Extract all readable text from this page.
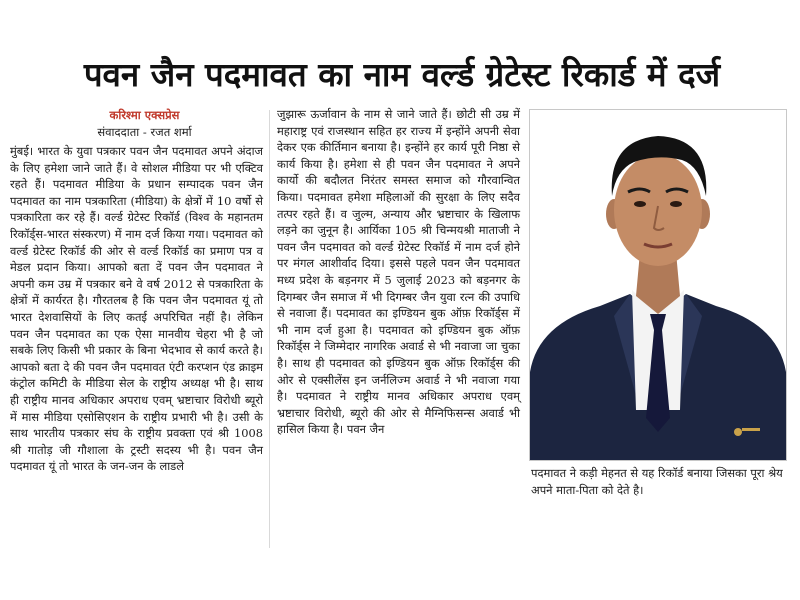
पवन जैन पदमावत का नाम वर्ल्ड ग्रेटेस्ट रिकार्ड में दर्ज
करिश्मा एक्सप्रेस
संवाददाता - रजत शर्मा

मुंबई। भारत के युवा पत्रकार पवन जैन पदमावत अपने अंदाज के लिए हमेशा जाने जाते हैं। वे सोशल मीडिया पर भी एक्टिव रहते हैं। पदमावत मीडिया के प्रधान सम्पादक पवन जैन पदमावत का नाम पत्रकारिता (मीडिया) के क्षेत्रों में 10 वर्षो से पत्रकारिता कर रहे हैं। वर्ल्ड ग्रेटेस्ट रिकॉर्ड (विश्व के महानतम रिकॉर्ड्स-भारत संस्करण) में नाम दर्ज किया गया। पदमावत को वर्ल्ड ग्रेटेस्ट रिकॉर्ड की ओर से वर्ल्ड रिकॉर्ड का प्रमाण पत्र व मेडल प्रदान किया। आपको बता दें पवन जैन पदमावत ने अपनी कम उम्र में पत्रकार बने वे वर्ष 2012 से पत्रकारिता के क्षेत्रों में कार्यरत है। गौरतलब है कि पवन जैन पदमावत यूं तो भारत देशवासियों के लिए कतई अपरिचित नहीं है। लेकिन पवन जैन पदमावत का एक ऐसा मानवीय चेहरा भी है जो सबके लिए किसी भी प्रकार के बिना भेदभाव से कार्य करते है। आपको बता दे की पवन जैन पदमावत एंटी करप्शन एंड क्राइम कंट्रोल कमिटी के मीडिया सेल के राष्ट्रीय अध्यक्ष भी है। साथ ही राष्ट्रीय मानव अधिकार अपराध एवम् भ्रष्टाचार विरोधी ब्यूरो में मास मीडिया एसोसिएशन के राष्ट्रीय प्रभारी भी है। उसी के साथ भारतीय पत्रकार संघ के राष्ट्रीय प्रवक्ता एवं श्री 1008 श्री गातोड़ जी गौशाला के ट्रस्टी सदस्य भी है। पवन जैन पदमावत यूं तो भारत के जन-जन के लाडले

जुझारू ऊर्जावान के नाम से जाने जाते हैं। छोटी सी उम्र में महाराष्ट्र एवं राजस्थान सहित हर राज्य में इन्होंने अपनी सेवा देकर एक कीर्तिमान बनाया है। इन्होंने हर कार्य पूरी निष्ठा से कार्य किया है। हमेशा से ही पवन जैन पदमावत ने अपने कार्यो की बदौलत निरंतर समस्त समाज को गौरवान्वित किया। पदमावत हमेशा महिलाओं की सुरक्षा के लिए सदैव तत्पर रहते हैं। व जुल्म, अन्याय और भ्रष्टाचार के खिलाफ लड़ने का जुनून है। आर्यिका 105 श्री चिन्मयश्री माताजी ने पवन जैन पदमावत को वर्ल्ड ग्रेटेस्ट रिकॉर्ड में नाम दर्ज होने पर मंगल आशीर्वाद दिया। इससे पहले पवन जैन पदमावत मध्य प्रदेश के बड़नगर में 5 जुलाई 2023 को बड़नगर के दिगम्बर जैन समाज में भी दिगम्बर जैन युवा रत्न की उपाधि से नवाजा हैं। पदमावत का इण्डियन बुक ऑफ़ रिकॉर्ड्स में भी नाम दर्ज हुआ है। पदमावत को इण्डियन बुक ऑफ़ रिकॉर्ड्स ने जिम्मेदार नागरिक अवार्ड से भी नवाजा जा चुका है। साथ ही पदमावत को इण्डियन बुक ऑफ़ रिकॉर्ड्स की ओर से एक्सीलेंस इन जर्नलिज्म अवार्ड ने भी नवाजा गया है। पदमावत ने राष्ट्रीय मानव अधिकार अपराध एवम् भ्रष्टाचार विरोधी, ब्यूरो की ओर से मैग्निफिसन्स अवार्ड भी हासिल किया है। पवन जैन

पदमावत ने कड़ी मेहनत से यह रिकॉर्ड बनाया जिसका पूरा श्रेय अपने माता-पिता को देते है।
